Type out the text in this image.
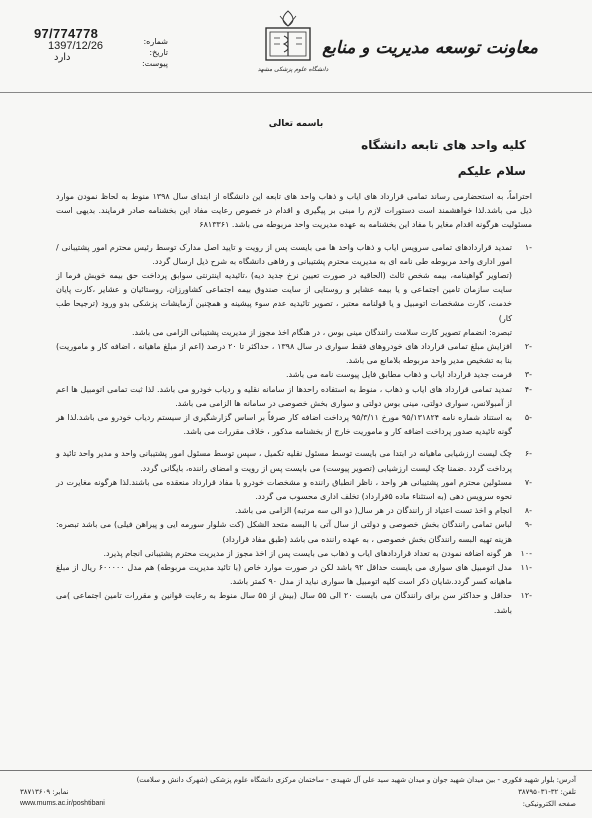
97/774778
1397/12/26
دارد
شماره:
تاریخ:
پیوست:
دانشگاه علوم پزشکی مشهد
معاونت توسعه مدیریت و منابع
باسمه تعالی
کلیه واحد های تابعه دانشگاه
سلام علیکم

احتراماً، به استحضارمی رساند تمامی قرارداد های ایاب و ذهاب واحد های تابعه این دانشگاه از ابتدای سال ۱۳۹۸ منوط به لحاظ نمودن موارد ذیل می باشد.لذا خواهشمند است دستورات لازم را مبنی بر پیگیری و اقدام در خصوص رعایت مفاد این بخشنامه صادر فرمایند. بدیهی است مسئولیت هرگونه اقدام مغایر با مفاد این بخشنامه به عهده مدیریت واحد مربوطه می باشد. ۶۸۱۳۳۶۱

-۱
تمدید قراردادهای تمامی سرویس ایاب و ذهاب واحد ها می بایست پس از رویت و تایید اصل مدارک توسط رئیس محترم امور پشتیبانی / امور اداری واحد مربوطه طی نامه ای به مدیریت محترم پشتیبانی و رفاهی دانشگاه به شرح ذیل ارسال گردد.
(تصاویر گواهینامه، بیمه شخص ثالث (الحاقیه در صورت تعیین نرخ جدید دیه) ،تائیدیه اینترنتی سوابق پرداخت حق بیمه خویش فرما از سایت سازمان تامین اجتماعی و یا بیمه عشایر و روستایی از سایت صندوق بیمه اجتماعی کشاورزان، روستائیان و عشایر ،کارت پایان خدمت، کارت مشخصات اتومبیل و یا قولنامه معتبر ، تصویر تائیدیه عدم سوء پیشینه و همچنین آزمایشات پزشکی بدو ورود (ترجیحا طب کار)
تبصره: انضمام تصویر کارت سلامت رانندگان مینی بوس ، در هنگام اخذ مجوز از مدیریت پشتیبانی الزامی می باشد.
-۲
افزایش مبلغ تمامی قرارداد های خودروهای فقط سواری در سال ۱۳۹۸ ، حداکثر تا ۲۰ درصد (اعم از مبلغ ماهیانه ، اضافه کار و ماموریت) بنا به تشخیص مدیر واحد مربوطه بلامانع می باشد.
-۳
فرمت جدید قرارداد ایاب و ذهاب مطابق فایل پیوست نامه می باشد.
-۴
تمدید تمامی قرارداد های ایاب و ذهاب ، منوط به استفاده راحدها از سامانه نقلیه و ردیاب خودرو می باشد. لذا ثبت تمامی اتومبیل ها اعم از آمبولانس، سواری دولتی، مینی بوس دولتی و سواری بخش خصوصی در سامانه ها الزامی می باشد.
-۵
به استناد شماره نامه ۹۵/۱۳۱۸۲۴ مورخ ۹۵/۳/۱۱ پرداخت اضافه کار صرفاً بر اساس گزارشگیری از سیستم ردیاب خودرو می باشد.لذا هر گونه تائیدیه صدور پرداخت اضافه کار و ماموریت خارج از بخشنامه مذکور ، خلاف مقررات می باشد.
-۶
چک لیست ارزشیابی ماهیانه در ابتدا می بایست توسط مسئول نقلیه تکمیل ، سپس توسط مسئول امور پشتیبانی واحد و مدیر واحد تائید و پرداخت گردد .ضمنا چک لیست ارزشیابی (تصویر پیوست) می بایست پس از رویت و امضای راننده، بایگانی گردد.
-۷
مسئولین محترم امور پشتیبانی هر واحد ، ناظر انطباق راننده و مشخصات خودرو با مفاد قرارداد منعقده می باشند.لذا هرگونه مغایرت در نحوه سرویس دهی (به استثناء ماده ۵قرارداد) تخلف اداری محسوب می گردد.
-۸
انجام و اخذ تست اعتیاد از رانندگان در هر سال( دو الی سه مرتبه) الزامی می باشد.
-۹
لباس تمامی رانندگان بخش خصوصی و دولتی از سال آتی با البسه متحد الشکل (کت شلوار سورمه ایی و پیراهن فیلی) می باشد تبصره: هزینه تهیه البسه رانندگان بخش خصوصی ، به عهده راننده می باشد (طبق مفاد قرارداد)
-۱۰
هر گونه اضافه نمودن به تعداد قراردادهای ایاب و ذهاب می بایست پس از اخذ مجوز از مدیریت محترم پشتیبانی انجام پذیرد.
-۱۱
مدل اتومبیل های سواری می بایست حداقل ۹۲ باشد لکن در صورت موارد خاص (با تائید مدیریت مربوطه) هم مدل ۶۰۰۰۰۰ ریال از مبلغ ماهیانه کسر گردد.شایان ذکر است کلیه اتومبیل ها سواری نباید از مدل ۹۰ کمتر باشد.
-۱۲
حداقل و حداکثر سن برای رانندگان می بایست ۲۰ الی ۵۵ سال (بیش از ۵۵ سال منوط به رعایت قوانین و مقررات تامین اجتماعی )می باشد.
آدرس: بلوار شهید فکوری - بین میدان شهید جوان و میدان شهید سید علی آل شهیدی - ساختمان مرکزی دانشگاه علوم پزشکی (شهرک دانش و سلامت)
تلفن: ۳۲-۳۸۷۹۵۰۳۱
نمابر: ۳۸۷۱۳۶۰۹
صفحه الکترونیکی:
www.mums.ac.ir/poshtibani
